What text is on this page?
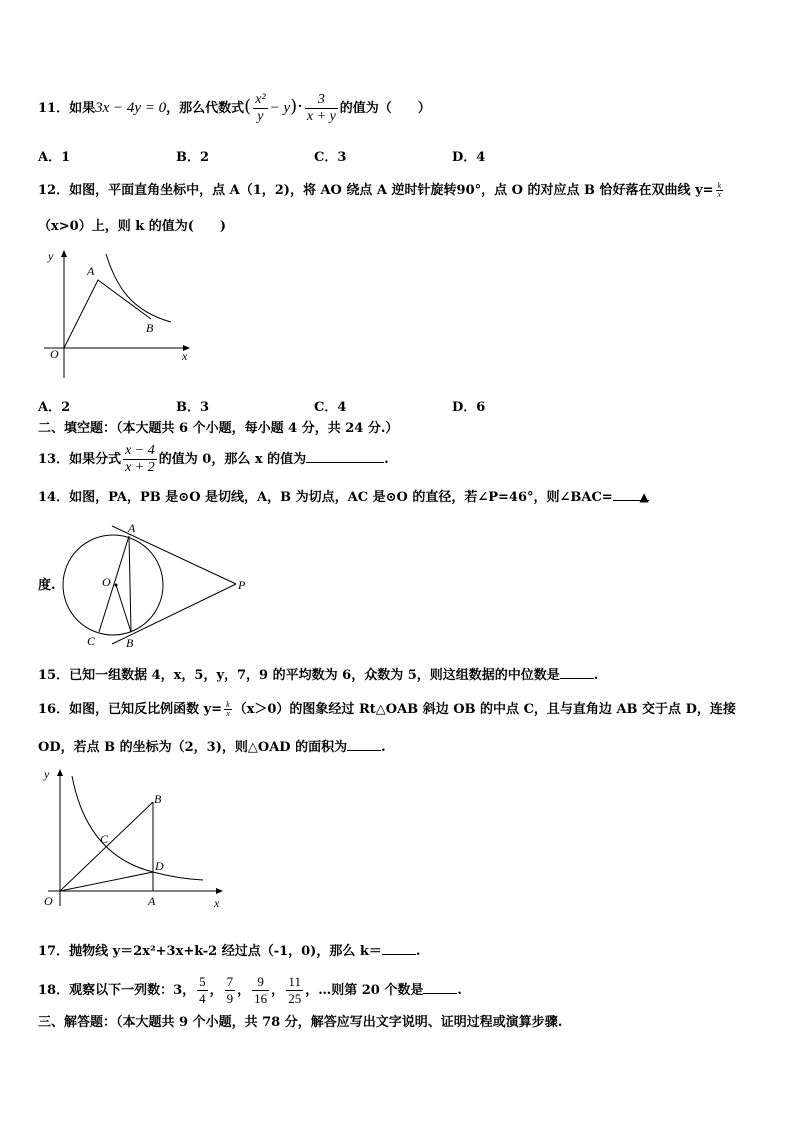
11．如果3x − 4y = 0，那么代数式( $\frac{\text{x²}}{y} - y)\cdot \frac{3}{x + y}$ 的值为（　　）
A．1	B．2	C．3	D．4
12．如图，平面直角坐标中，点 A（1，2)，将 AO 绕点 A 逆时针旋转90°，点 O 的对应点 B 恰好落在双曲线 $y= \frac{k}{x}$
（x>0）上，则 k 的值为(　　)
y
A
B
O	x
A．2	B．3	C．4	D．6
二、填空题：（本大题共 6 个小题，每小题 4 分，共 24 分.）
13．如果分式 $\frac{x - 4}{x + 2}$ 的值为 0，那么 x 的值为	.
14．如图，PA，PB 是⊙O 是切线，A，B 为切点，AC 是⊙O 的直径，若∠P=46°，则∠BAC= ▲
A
O	P
C	B
度.
15．已知一组数据 4，x，5，y，7，9 的平均数为 6，众数为 5，则这组数据的中位数是	.
16．如图，已知反比例函数 $y= \frac{k}{x} (x>0)$的图象经过 Rt△OAB 斜边 OB 的中点 C，且与直角边 AB 交于点 D，连接
OD，若点 B 的坐标为（2，3)，则△OAD 的面积为	.
y
B
C
D
O	A	x
17．抛物线 y＝2x²+3x+k-2 经过点（-1，0)，那么 k＝	.
18．观察以下一列数：3， $\frac{5}{4}$ ， $\frac{7}{9}$ ， $\frac{9}{16}$ ， $\frac{11}{25}$ ，…则第 20 个数是	.
三、解答题：（本大题共 9 个小题，共 78 分，解答应写出文字说明、证明过程或演算步骤.
